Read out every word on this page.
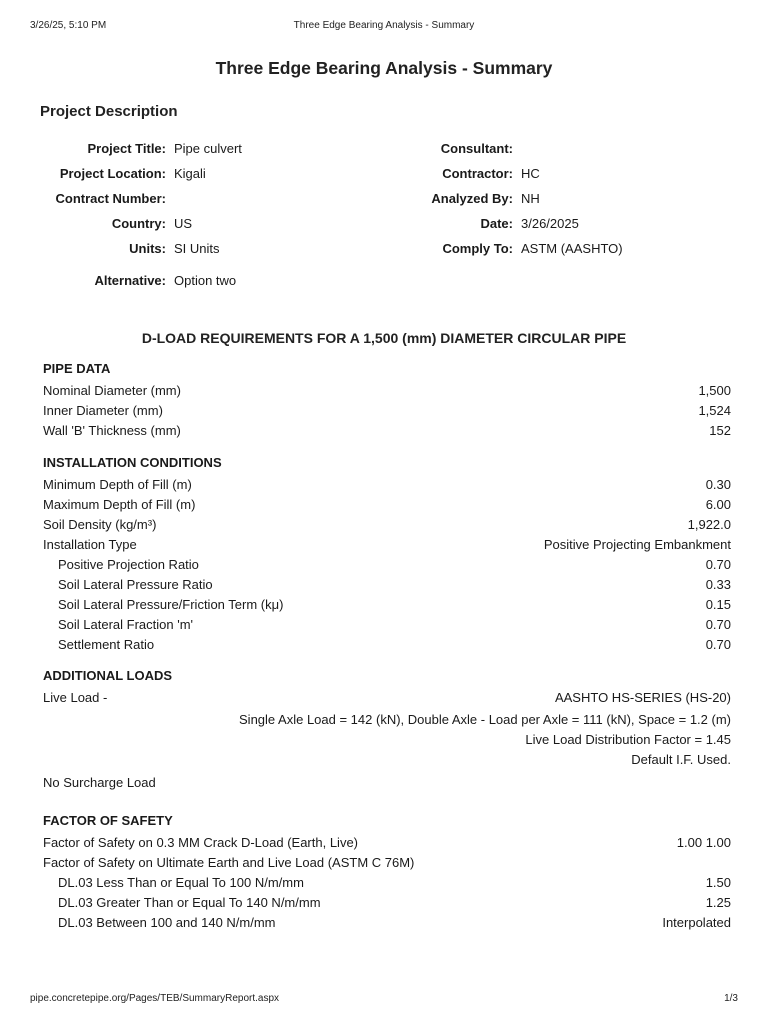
3/26/25, 5:10 PM	Three Edge Bearing Analysis - Summary
Three Edge Bearing Analysis - Summary
Project Description
Project Title: Pipe culvert
Project Location: Kigali
Contract Number:
Country: US
Units: SI Units
Consultant:
Contractor: HC
Analyzed By: NH
Date: 3/26/2025
Comply To: ASTM (AASHTO)
Alternative: Option two
D-LOAD REQUIREMENTS FOR A 1,500 (mm) DIAMETER CIRCULAR PIPE
PIPE DATA
Nominal Diameter (mm)	1,500
Inner Diameter (mm)	1,524
Wall 'B' Thickness (mm)	152
INSTALLATION CONDITIONS
Minimum Depth of Fill (m)	0.30
Maximum Depth of Fill (m)	6.00
Soil Density (kg/m³)	1,922.0
Installation Type	Positive Projecting Embankment
Positive Projection Ratio	0.70
Soil Lateral Pressure Ratio	0.33
Soil Lateral Pressure/Friction Term (kμ)	0.15
Soil Lateral Fraction 'm'	0.70
Settlement Ratio	0.70
ADDITIONAL LOADS
Live Load -	AASHTO HS-SERIES (HS-20)
Single Axle Load = 142 (kN), Double Axle - Load per Axle = 111 (kN), Space = 1.2 (m)
Live Load Distribution Factor = 1.45
Default I.F. Used.
No Surcharge Load
FACTOR OF SAFETY
Factor of Safety on 0.3 MM Crack D-Load (Earth, Live)	1.00 1.00
Factor of Safety on Ultimate Earth and Live Load (ASTM C 76M)
DL.03 Less Than or Equal To 100 N/m/mm	1.50
DL.03 Greater Than or Equal To 140 N/m/mm	1.25
DL.03 Between 100 and 140 N/m/mm	Interpolated
pipe.concretepipe.org/Pages/TEB/SummaryReport.aspx	1/3
